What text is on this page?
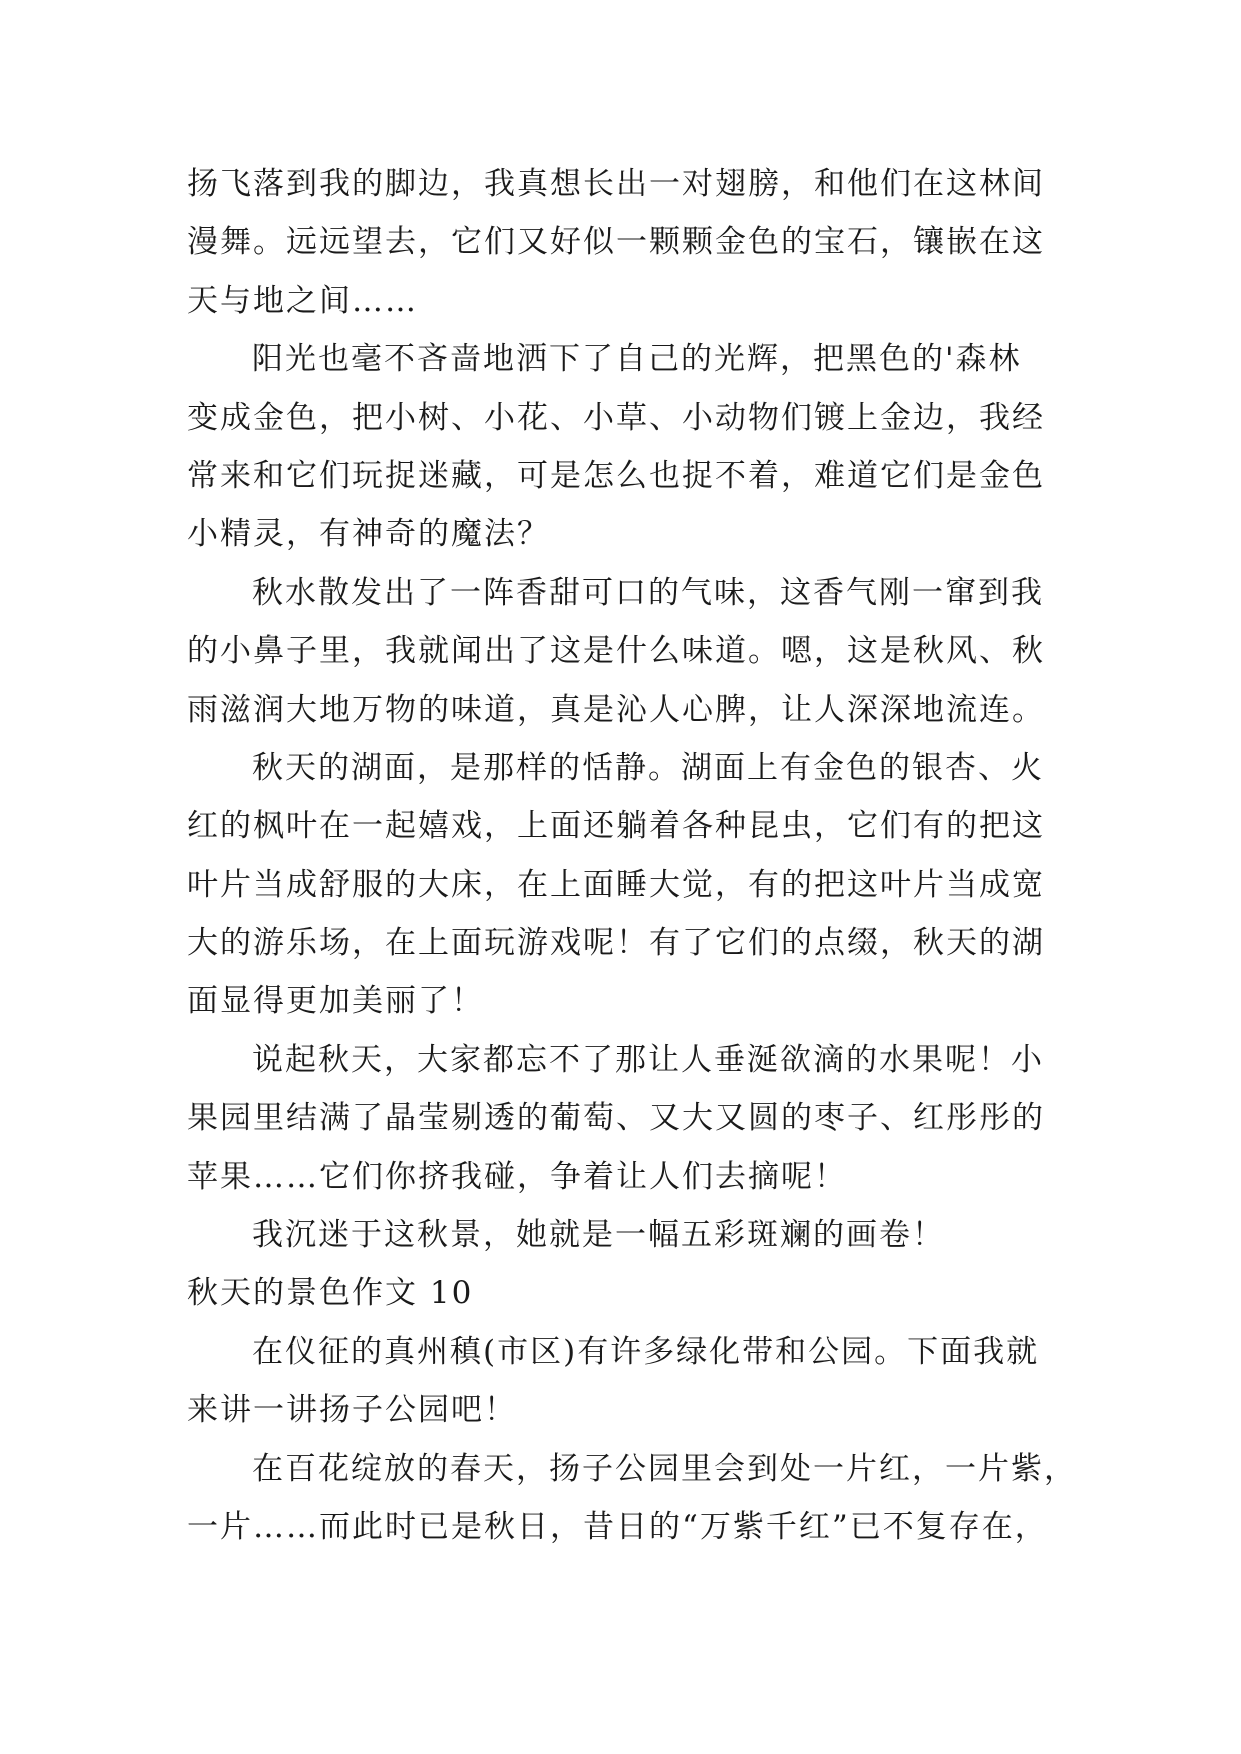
扬飞落到我的脚边，我真想长出一对翅膀，和他们在这林间
漫舞。远远望去，它们又好似一颗颗金色的宝石，镶嵌在这
天与地之间……
阳光也毫不吝啬地洒下了自己的光辉，把黑色的'森林
变成金色，把小树、小花、小草、小动物们镀上金边，我经
常来和它们玩捉迷藏，可是怎么也捉不着，难道它们是金色
小精灵，有神奇的魔法？
秋水散发出了一阵香甜可口的气味，这香气刚一窜到我
的小鼻子里，我就闻出了这是什么味道。嗯，这是秋风、秋
雨滋润大地万物的味道，真是沁人心脾，让人深深地流连。
秋天的湖面，是那样的恬静。湖面上有金色的银杏、火
红的枫叶在一起嬉戏，上面还躺着各种昆虫，它们有的把这
叶片当成舒服的大床，在上面睡大觉，有的把这叶片当成宽
大的游乐场，在上面玩游戏呢！有了它们的点缀，秋天的湖
面显得更加美丽了！
说起秋天，大家都忘不了那让人垂涎欲滴的水果呢！小
果园里结满了晶莹剔透的葡萄、又大又圆的枣子、红彤彤的
苹果……它们你挤我碰，争着让人们去摘呢！
我沉迷于这秋景，她就是一幅五彩斑斓的画卷！
秋天的景色作文 10
在仪征的真州稹(市区)有许多绿化带和公园。下面我就
来讲一讲扬子公园吧！
在百花绽放的春天，扬子公园里会到处一片红，一片紫，
一片……而此时已是秋日，昔日的“万紫千红”已不复存在，
